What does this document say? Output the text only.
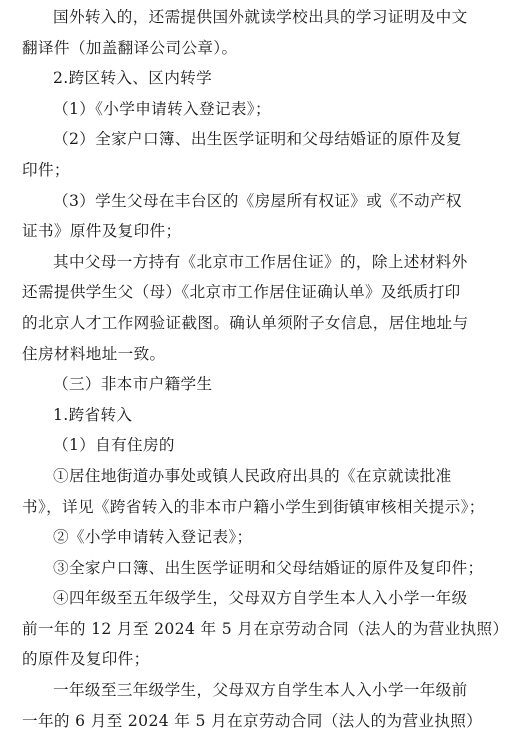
国外转入的，还需提供国外就读学校出具的学习证明及中文
翻译件（加盖翻译公司公章）。
2.跨区转入、区内转学
（1）《小学申请转入登记表》；
（2）全家户口簿、出生医学证明和父母结婚证的原件及复
印件；
（3）学生父母在丰台区的《房屋所有权证》或《不动产权
证书》原件及复印件；
其中父母一方持有《北京市工作居住证》的，除上述材料外
还需提供学生父（母）《北京市工作居住证确认单》及纸质打印
的北京人才工作网验证截图。确认单须附子女信息，居住地址与
住房材料地址一致。
（三）非本市户籍学生
1.跨省转入
（1）自有住房的
①居住地街道办事处或镇人民政府出具的《在京就读批准
书》，详见《跨省转入的非本市户籍小学生到街镇审核相关提示》；
②《小学申请转入登记表》；
③全家户口簿、出生医学证明和父母结婚证的原件及复印件；
④四年级至五年级学生，父母双方自学生本人入小学一年级
前一年的 12 月至 2024 年 5 月在京劳动合同（法人的为营业执照）
的原件及复印件；
一年级至三年级学生，父母双方自学生本人入小学一年级前
一年的 6 月至 2024 年 5 月在京劳动合同（法人的为营业执照）
